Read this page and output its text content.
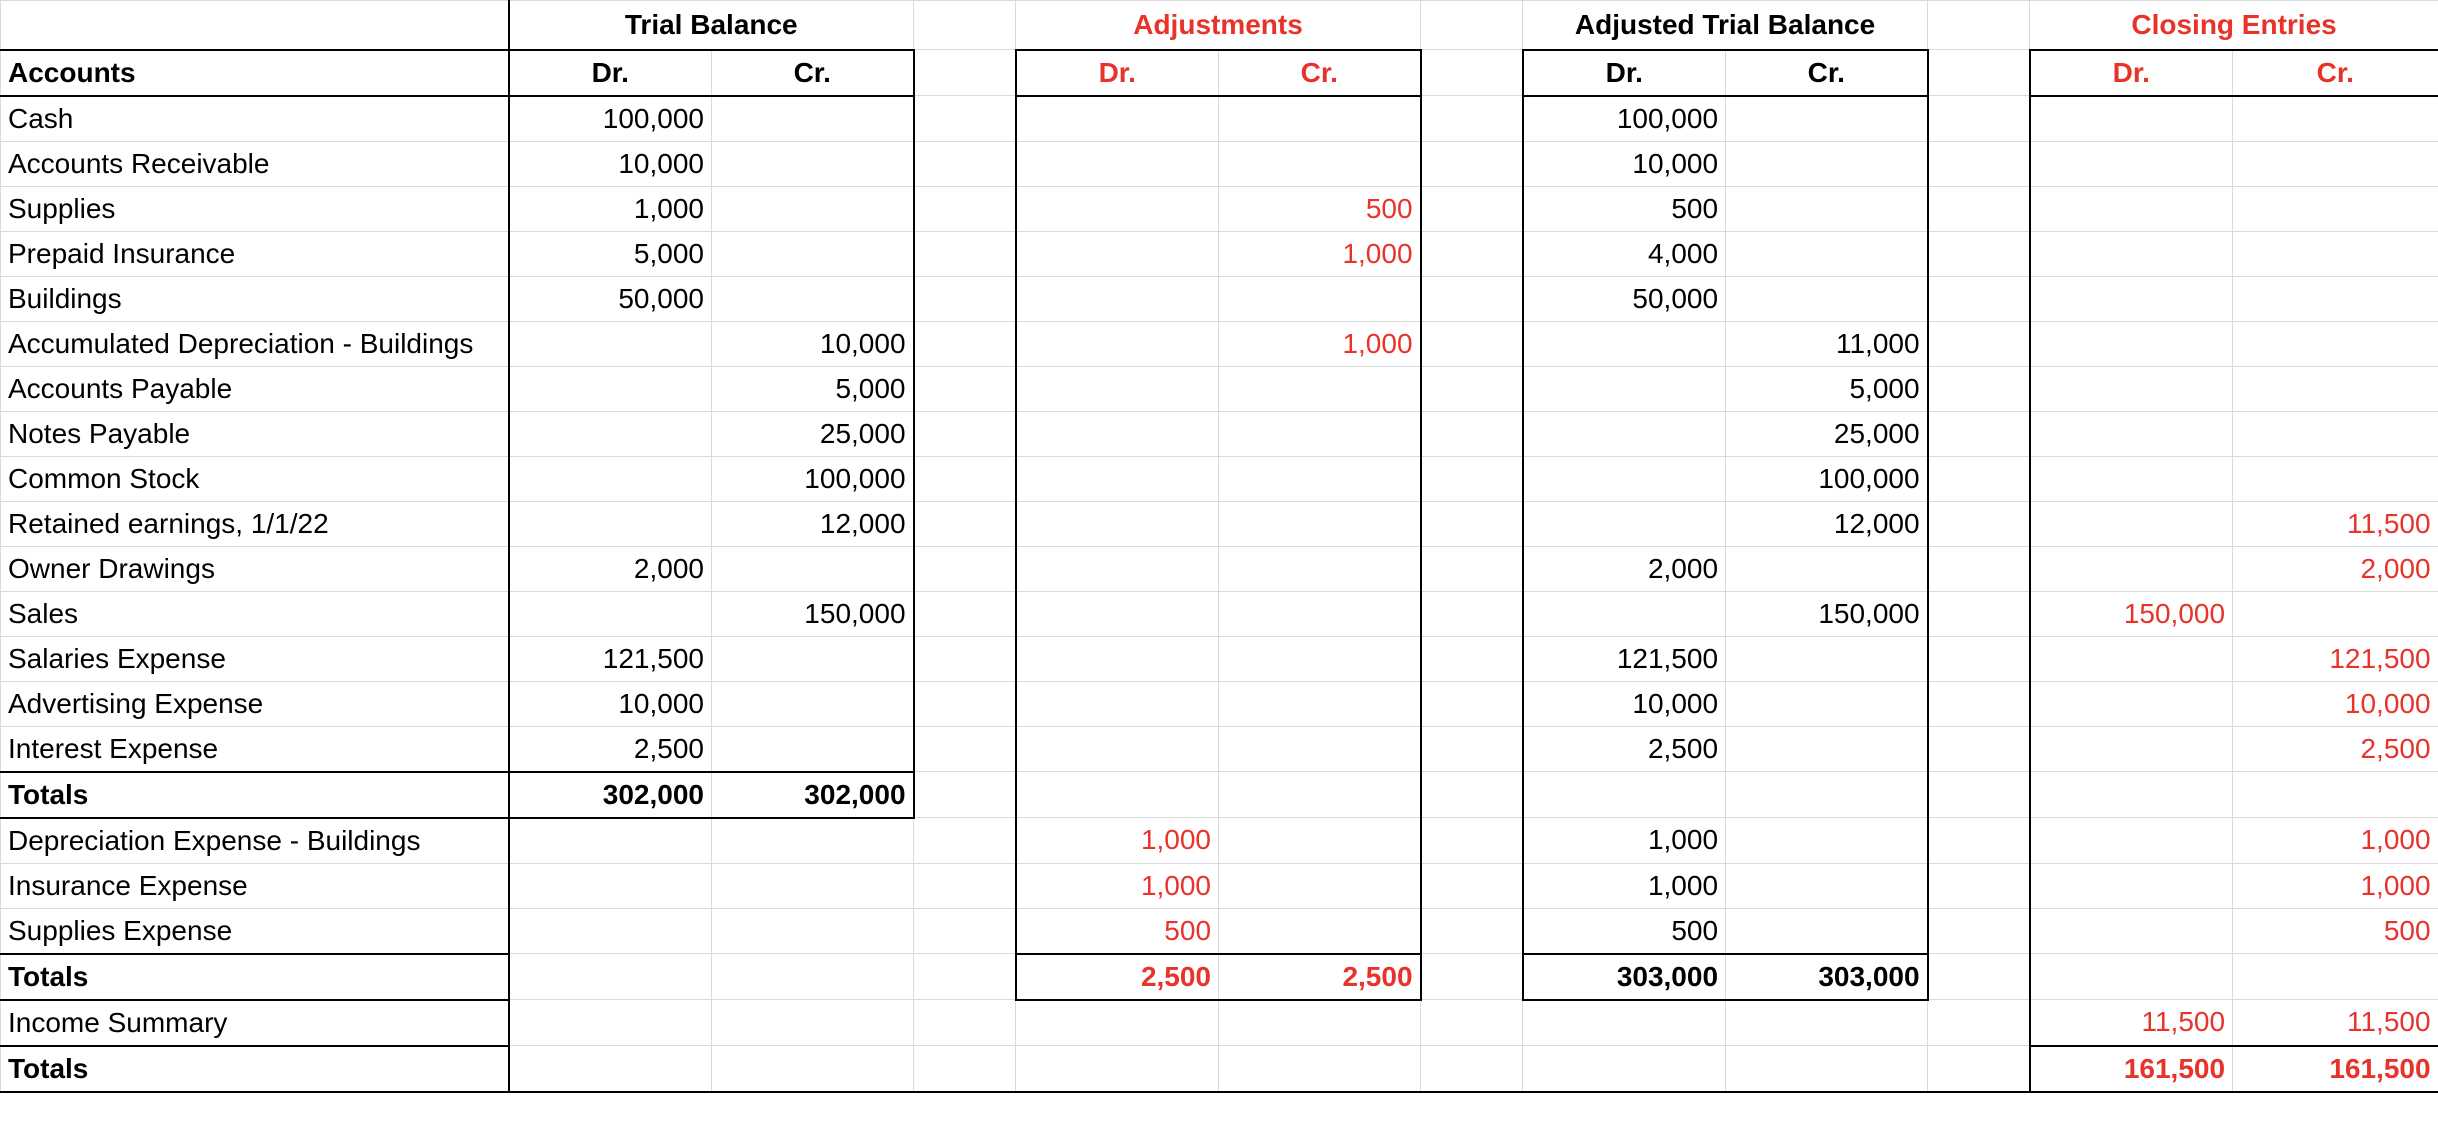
	Trial Balance			Adjustments			Adjusted Trial Balance			Closing Entries	
Accounts	Dr.	Cr.		Dr.	Cr.		Dr.	Cr.		Dr.	Cr.
Cash	100,000						100,000				
Accounts Receivable	10,000						10,000				
Supplies	1,000				500		500				
Prepaid Insurance	5,000				1,000		4,000				
Buildings	50,000						50,000				
Accumulated Depreciation - Buildings		10,000			1,000			11,000			
Accounts Payable		5,000						5,000			
Notes Payable		25,000						25,000			
Common Stock		100,000						100,000			
Retained earnings, 1/1/22		12,000						12,000			11,500
Owner Drawings	2,000						2,000				2,000
Sales		150,000						150,000		150,000	
Salaries Expense	121,500						121,500				121,500
Advertising Expense	10,000						10,000				10,000
Interest Expense	2,500						2,500				2,500
Totals	302,000	302,000									
Depreciation Expense - Buildings				1,000			1,000				1,000
Insurance Expense				1,000			1,000				1,000
Supplies Expense				500			500				500
Totals				2,500	2,500		303,000	303,000			
Income Summary										11,500	11,500
Totals										161,500	161,500
